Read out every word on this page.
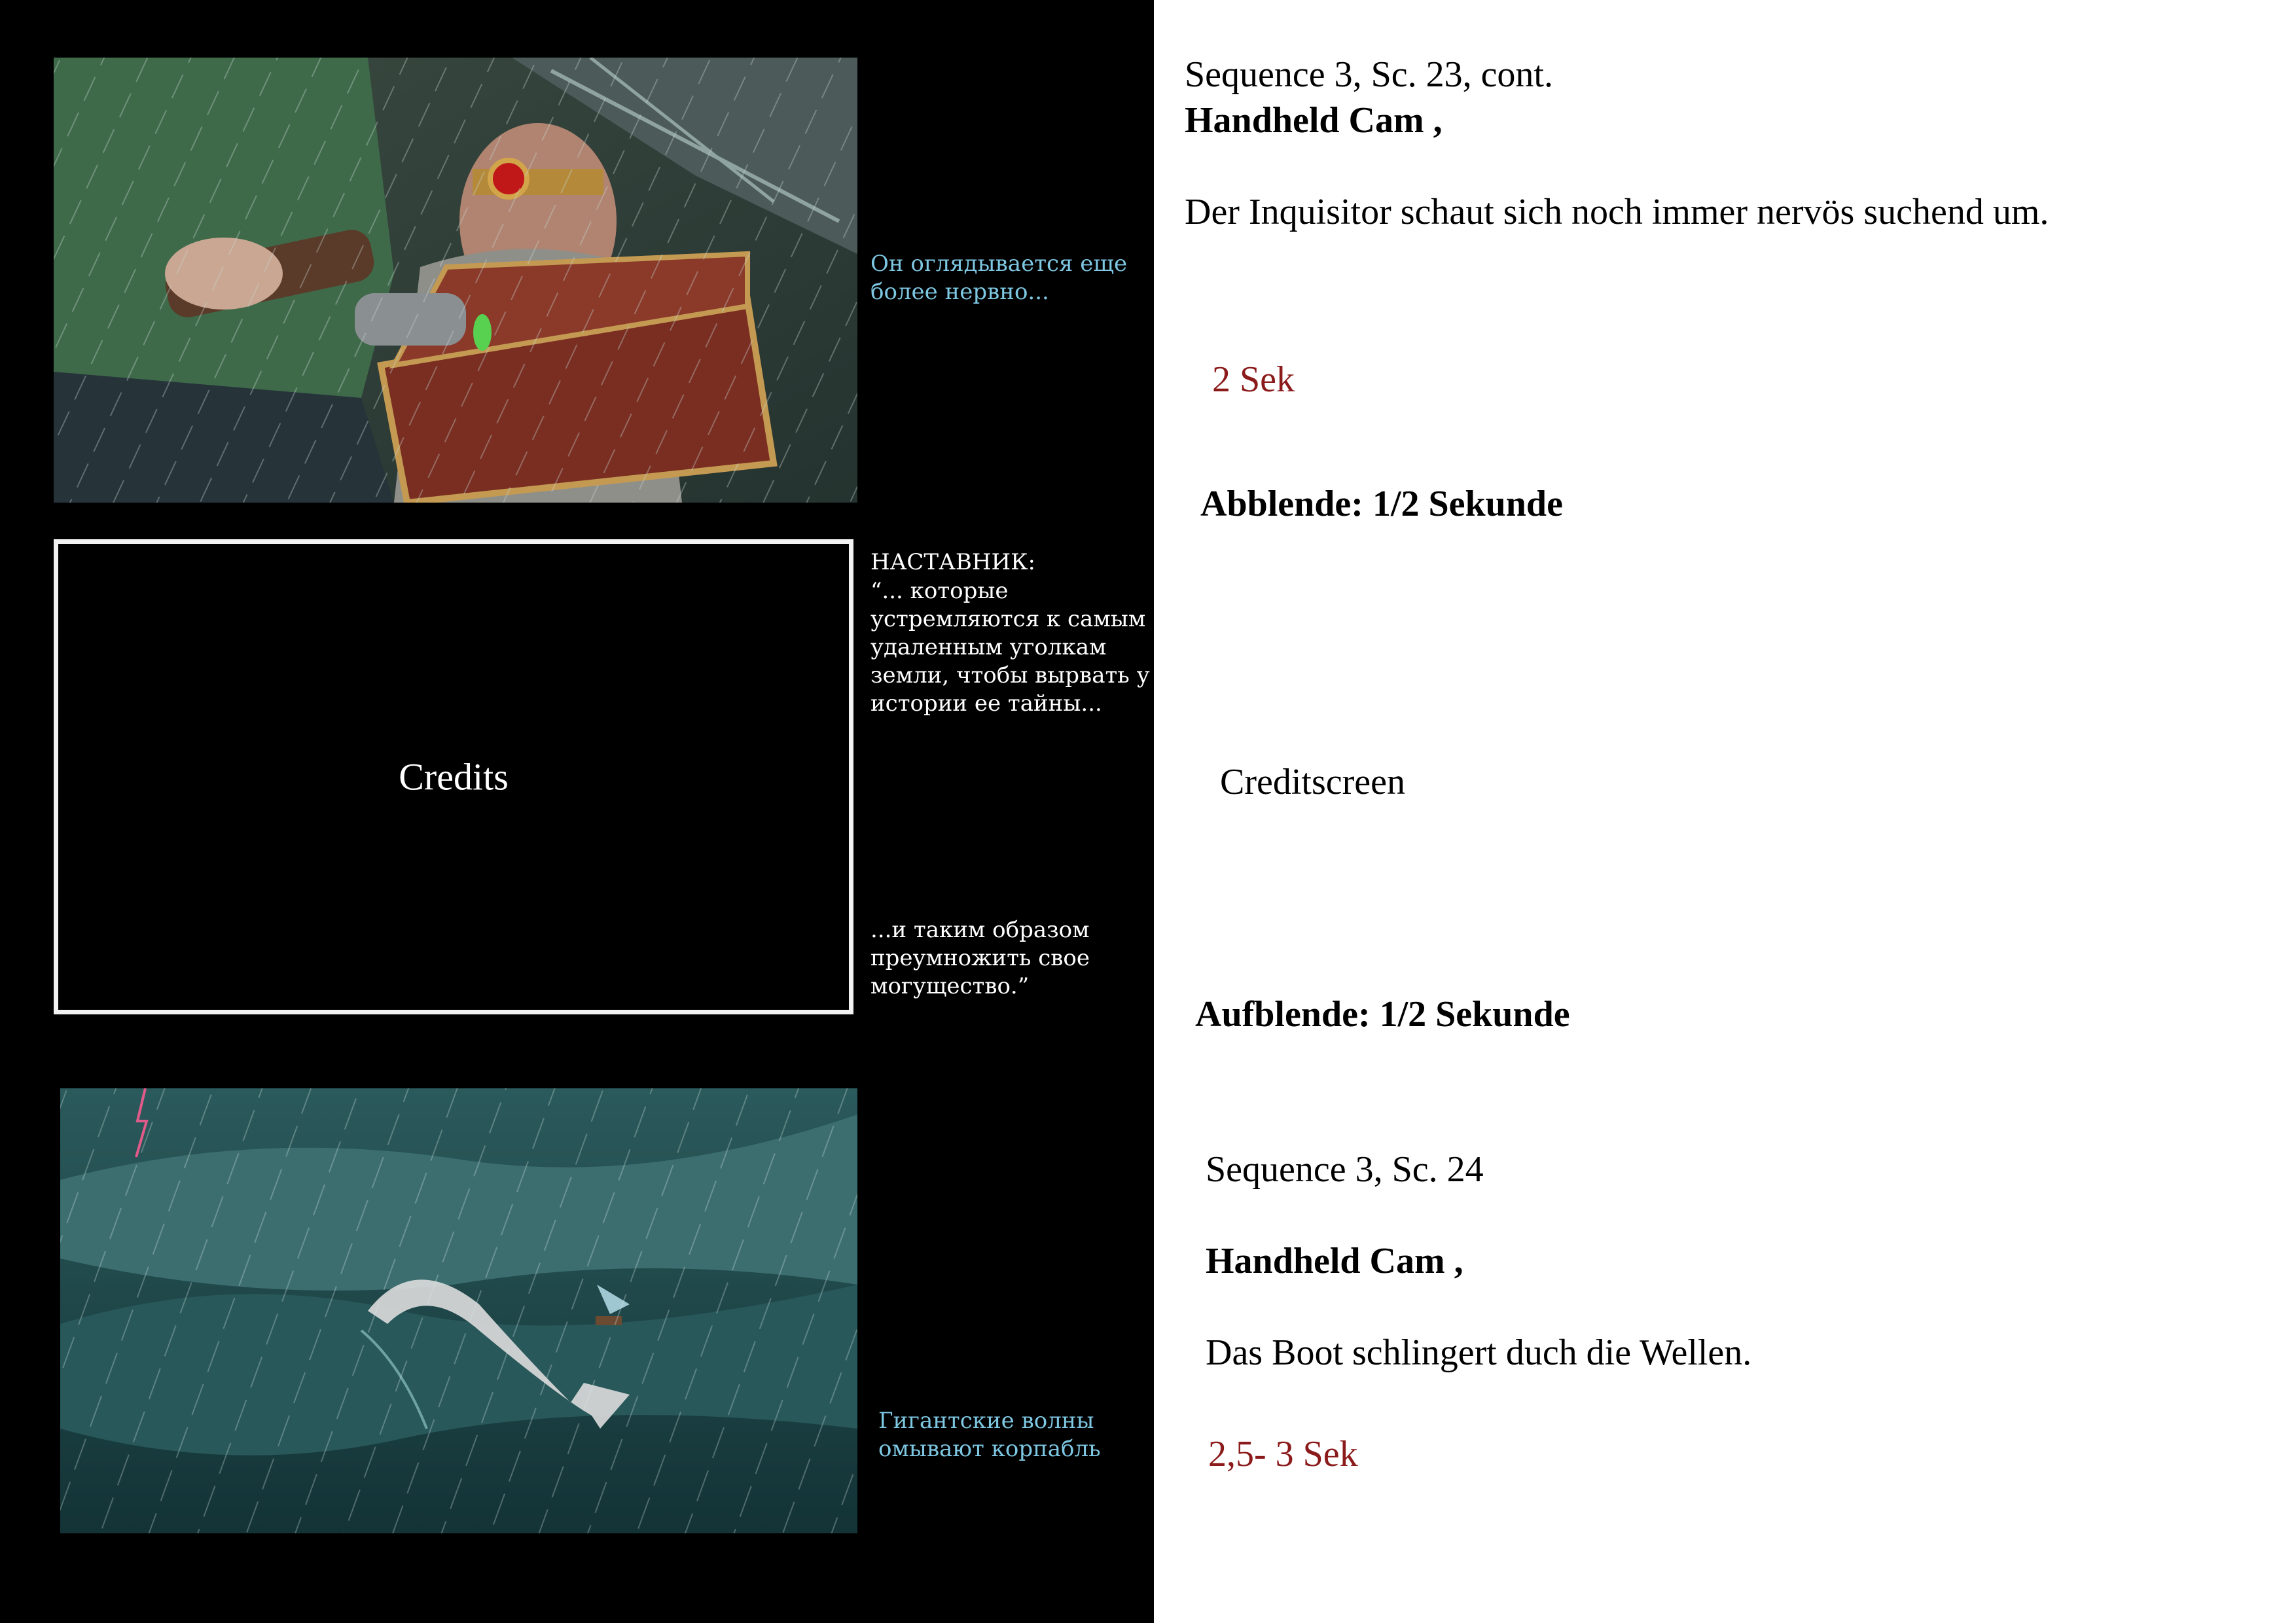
Он оглядывается еще
более нервно...
Credits
НАСТАВНИК:
“... которые
устремляются к самым
удаленным уголкам
земли, чтобы вырвать у
истории ее тайны...
...и таким образом
преумножить свое
могущество.”
Гигантские волны
омывают корпабль
Sequence 3, Sc. 23, cont.
Handheld Cam ,
Der Inquisitor schaut sich noch immer nervös suchend um.
2 Sek
Abblende: 1/2 Sekunde
Creditscreen
Aufblende: 1/2 Sekunde
Sequence 3, Sc. 24
Handheld Cam ,
Das Boot schlingert duch die Wellen.
2,5- 3 Sek
